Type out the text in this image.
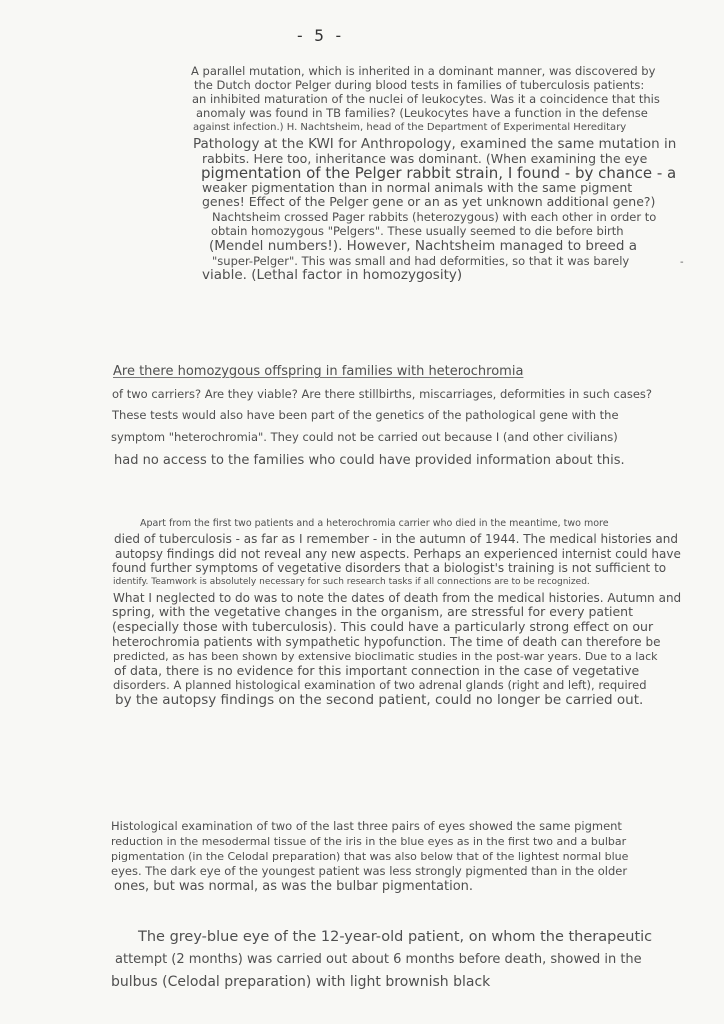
- 5 -

A parallel mutation, which is inherited in a dominant manner, was discovered by

the Dutch doctor Pelger during blood tests in families of tuberculosis patients:

an inhibited maturation of the nuclei of leukocytes. Was it a coincidence that this

anomaly was found in TB families? (Leukocytes have a function in the defense

against infection.) H. Nachtsheim, head of the Department of Experimental Hereditary

Pathology at the KWI for Anthropology, examined the same mutation in

rabbits. Here too, inheritance was dominant. (When examining the eye

pigmentation of the Pelger rabbit strain, I found - by chance - a

weaker pigmentation than in normal animals with the same pigment

genes! Effect of the Pelger gene or an as yet unknown additional gene?)

Nachtsheim crossed Pager rabbits (heterozygous) with each other in order to

obtain homozygous "Pelgers". These usually seemed to die before birth

(Mendel numbers!). However, Nachtsheim managed to breed a

"super-Pelger". This was small and had deformities, so that it was barely

viable. (Lethal factor in homozygosity)

-

Are there homozygous offspring in families with heterochromia

of two carriers? Are they viable? Are there stillbirths, miscarriages, deformities in such cases?

These tests would also have been part of the genetics of the pathological gene with the

symptom "heterochromia". They could not be carried out because I (and other civilians)

had no access to the families who could have provided information about this.

Apart from the first two patients and a heterochromia carrier who died in the meantime, two more

died of tuberculosis - as far as I remember - in the autumn of 1944. The medical histories and

autopsy findings did not reveal any new aspects. Perhaps an experienced internist could have

found further symptoms of vegetative disorders that a biologist's training is not sufficient to

identify. Teamwork is absolutely necessary for such research tasks if all connections are to be recognized.

What I neglected to do was to note the dates of death from the medical histories. Autumn and

spring, with the vegetative changes in the organism, are stressful for every patient

(especially those with tuberculosis). This could have a particularly strong effect on our

heterochromia patients with sympathetic hypofunction. The time of death can therefore be

predicted, as has been shown by extensive bioclimatic studies in the post-war years. Due to a lack

of data, there is no evidence for this important connection in the case of vegetative

disorders. A planned histological examination of two adrenal glands (right and left), required

by the autopsy findings on the second patient, could no longer be carried out.

Histological examination of two of the last three pairs of eyes showed the same pigment

reduction in the mesodermal tissue of the iris in the blue eyes as in the first two and a bulbar

pigmentation (in the Celodal preparation) that was also below that of the lightest normal blue

eyes. The dark eye of the youngest patient was less strongly pigmented than in the older

ones, but was normal, as was the bulbar pigmentation.

The grey-blue eye of the 12-year-old patient, on whom the therapeutic

attempt (2 months) was carried out about 6 months before death, showed in the

bulbus (Celodal preparation) with light brownish black
